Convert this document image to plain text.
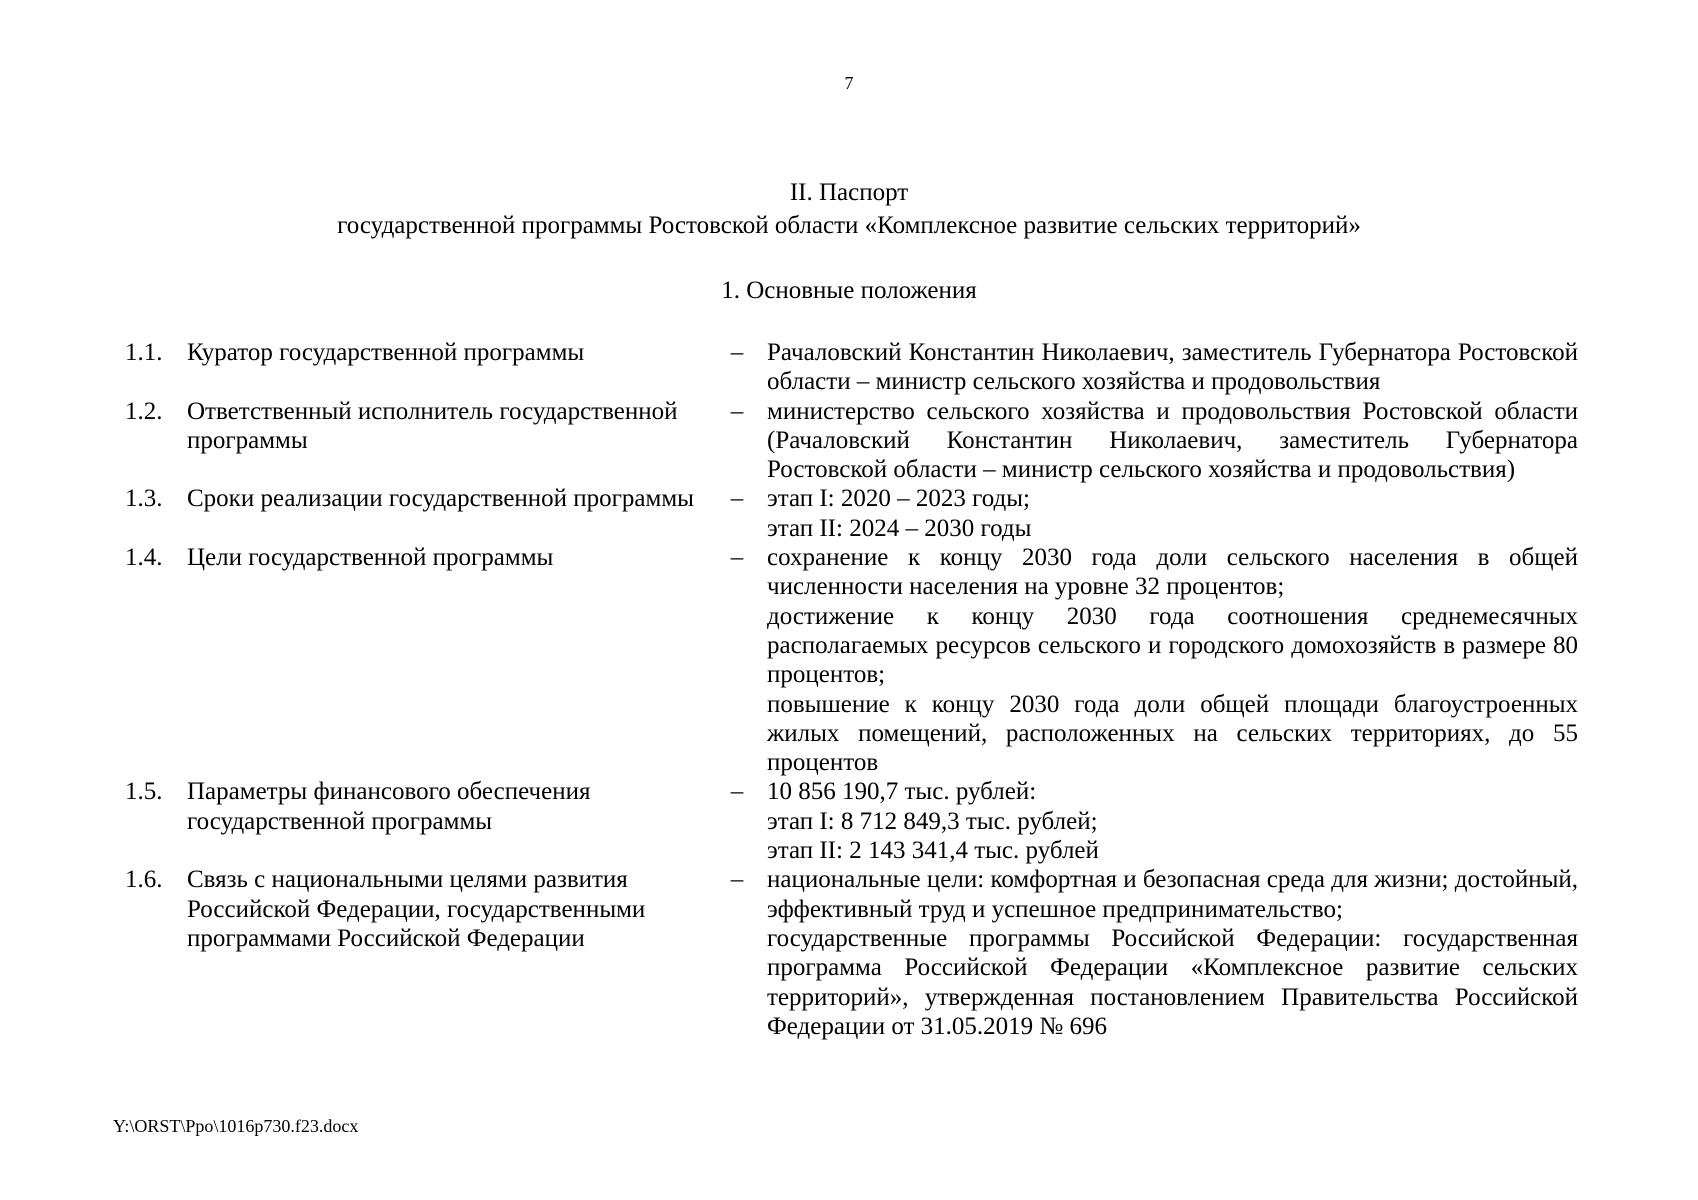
7
II. Паспорт
государственной программы Ростовской области «Комплексное развитие сельских территорий»
1. Основные положения
1.1. Куратор государственной программы	– Рачаловский Константин Николаевич, заместитель Губернатора Ростовской области – министр сельского хозяйства и продовольствия

1.2. Ответственный исполнитель государственной программы
– министерство сельского хозяйства и продовольствия Ростовской области (Рачаловский Константин Николаевич, заместитель Губернатора Ростовской области – министр сельского хозяйства и продовольствия)

1.3. Сроки реализации государственной программы	– этап I: 2020 – 2023 годы;

этап II: 2024 – 2030 годы

1.4. Цели государственной программы	– сохранение к концу 2030 года доли сельского населения в общей численности населения на уровне 32 процентов;

достижение к концу 2030 года соотношения среднемесячных располагаемых ресурсов сельского и городского домохозяйств в размере 80 процентов;

повышение к концу 2030 года доли общей площади благоустроенных жилых помещений, расположенных на сельских территориях, до 55 процентов

1.5. Параметры финансового обеспечения государственной программы
– 10 856 190,7 тыс. рублей:

этап I: 8 712 849,3 тыс. рублей;

этап II: 2 143 341,4 тыс. рублей

1.6. Связь с национальными целями развития Российской Федерации, государственными программами Российской Федерации
– национальные цели: комфортная и безопасная среда для жизни; достойный, эффективный труд и успешное предпринимательство;

государственные программы Российской Федерации: государственная программа Российской Федерации «Комплексное развитие сельских территорий», утвержденная постановлением Правительства Российской Федерации от 31.05.2019 № 696

Y:\ORST\Ppo\1016p730.f23.docx
